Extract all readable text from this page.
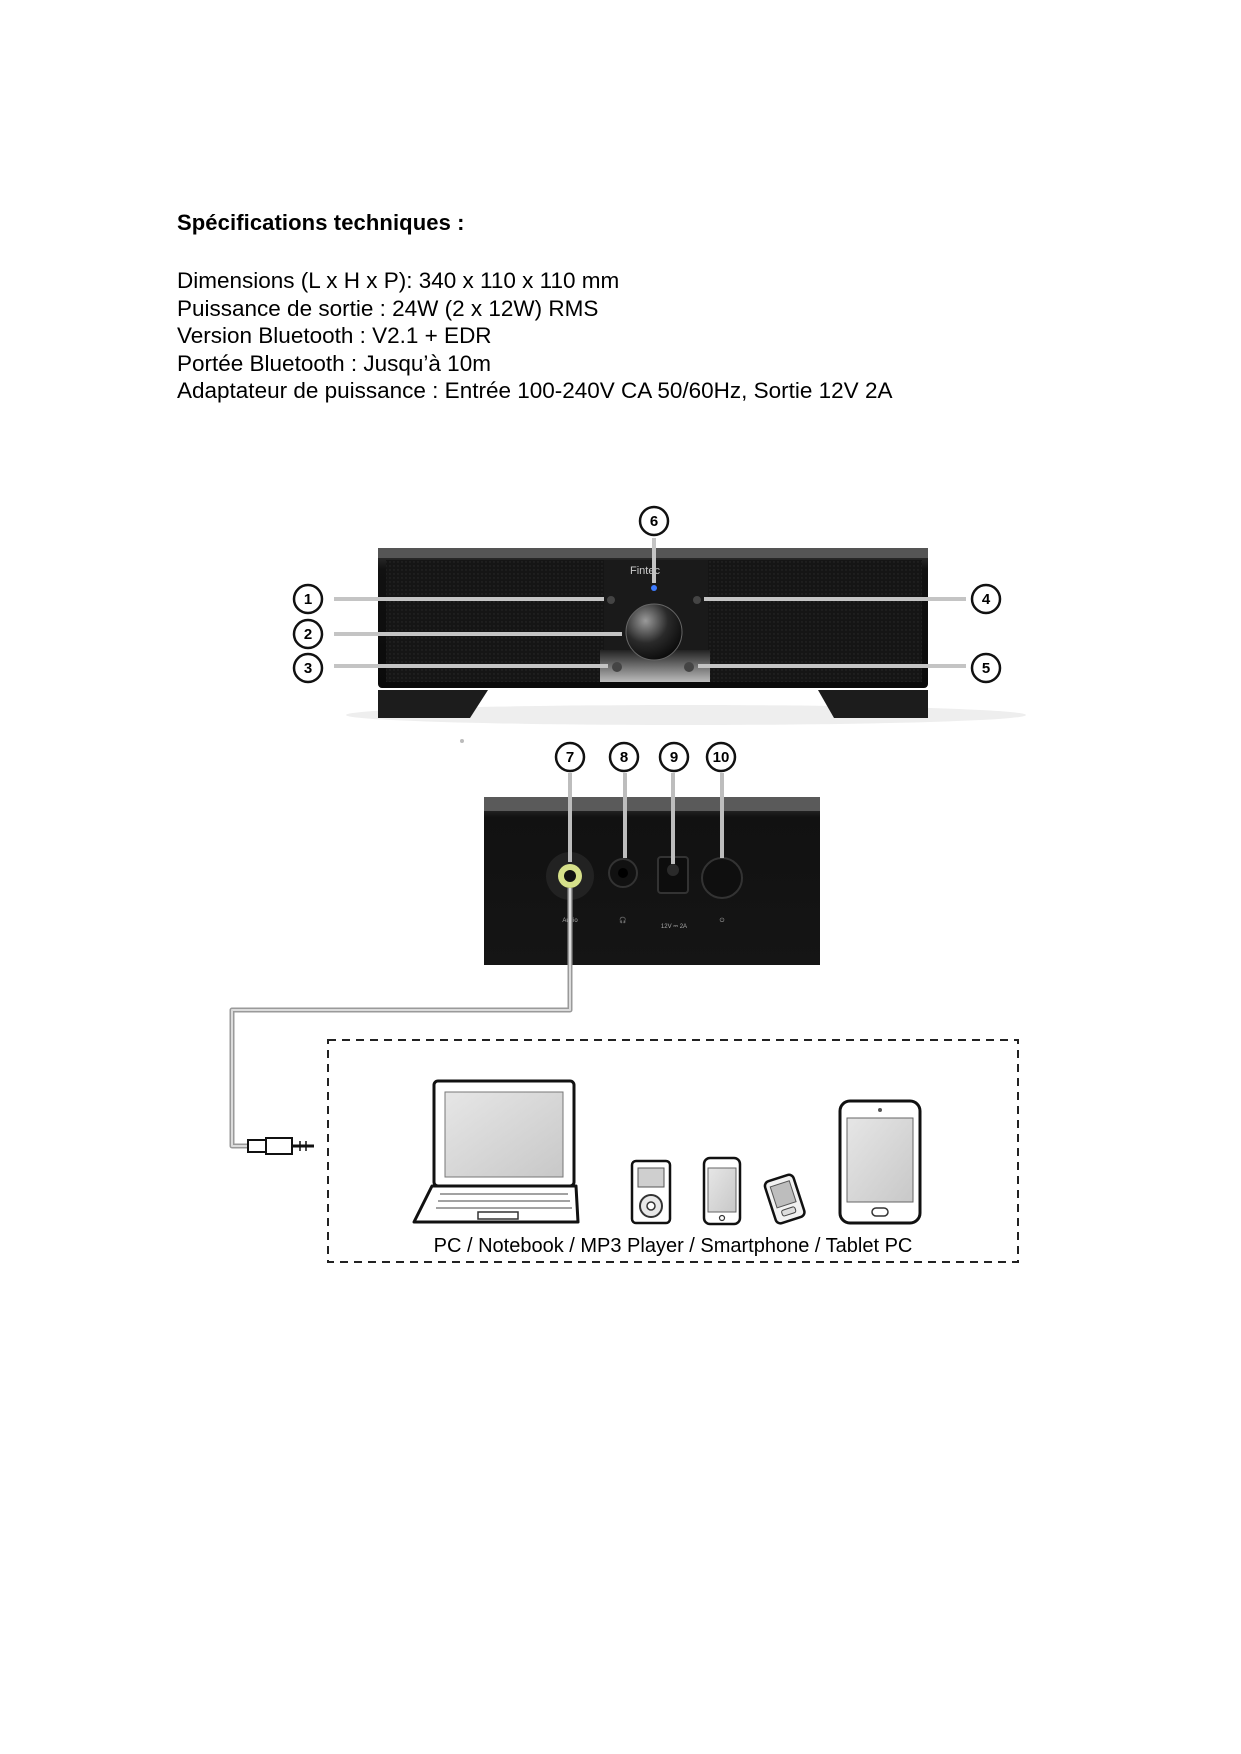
Spécifications techniques :
Dimensions (L x H x P): 340 x 110 x 110 mm
Puissance de sortie : 24W (2 x 12W) RMS
Version Bluetooth : V2.1 + EDR
Portée Bluetooth : Jusqu’à 10m
Adaptateur de puissance : Entrée 100-240V CA 50/60Hz, Sortie 12V 2A
Fintec
1
2
3
4
5
6
Audio	🎧
12V ⎓ 2A
⏻
7	8	9 10
PC / Notebook / MP3 Player / Smartphone / Tablet PC
